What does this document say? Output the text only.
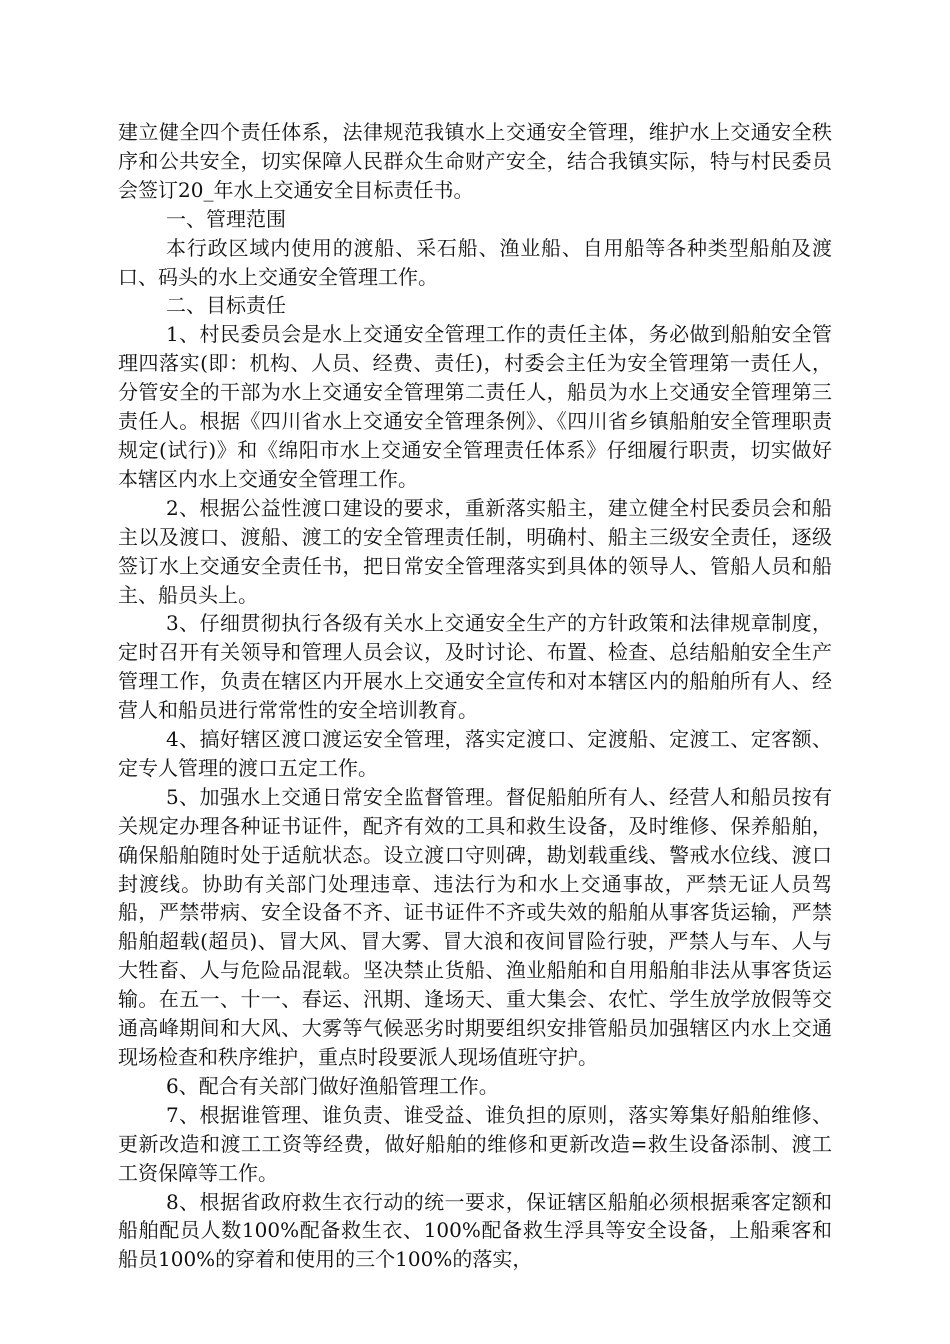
建立健全四个责任体系，法律规范我镇水上交通安全管理，维护水上交通安全秩序和公共安全，切实保障人民群众生命财产安全，结合我镇实际，特与村民委员会签订20_年水上交通安全目标责任书。

一、管理范围

本行政区域内使用的渡船、采石船、渔业船、自用船等各种类型船舶及渡口、码头的水上交通安全管理工作。

二、目标责任

1、村民委员会是水上交通安全管理工作的责任主体，务必做到船舶安全管理四落实(即：机构、人员、经费、责任)，村委会主任为安全管理第一责任人，分管安全的干部为水上交通安全管理第二责任人，船员为水上交通安全管理第三责任人。根据《四川省水上交通安全管理条例》、《四川省乡镇船舶安全管理职责规定(试行)》和《绵阳市水上交通安全管理责任体系》仔细履行职责，切实做好本辖区内水上交通安全管理工作。

2、根据公益性渡口建设的要求，重新落实船主，建立健全村民委员会和船主以及渡口、渡船、渡工的安全管理责任制，明确村、船主三级安全责任，逐级签订水上交通安全责任书，把日常安全管理落实到具体的领导人、管船人员和船主、船员头上。

3、仔细贯彻执行各级有关水上交通安全生产的方针政策和法律规章制度，定时召开有关领导和管理人员会议，及时讨论、布置、检查、总结船舶安全生产管理工作，负责在辖区内开展水上交通安全宣传和对本辖区内的船舶所有人、经营人和船员进行常常性的安全培训教育。

4、搞好辖区渡口渡运安全管理，落实定渡口、定渡船、定渡工、定客额、定专人管理的渡口五定工作。

5、加强水上交通日常安全监督管理。督促船舶所有人、经营人和船员按有关规定办理各种证书证件，配齐有效的工具和救生设备，及时维修、保养船舶，确保船舶随时处于适航状态。设立渡口守则碑，勘划载重线、警戒水位线、渡口封渡线。协助有关部门处理违章、违法行为和水上交通事故，严禁无证人员驾船，严禁带病、安全设备不齐、证书证件不齐或失效的船舶从事客货运输，严禁船舶超载(超员)、冒大风、冒大雾、冒大浪和夜间冒险行驶，严禁人与车、人与大牲畜、人与危险品混载。坚决禁止货船、渔业船舶和自用船舶非法从事客货运输。在五一、十一、春运、汛期、逢场天、重大集会、农忙、学生放学放假等交通高峰期间和大风、大雾等气候恶劣时期要组织安排管船员加强辖区内水上交通现场检查和秩序维护，重点时段要派人现场值班守护。

6、配合有关部门做好渔船管理工作。

7、根据谁管理、谁负责、谁受益、谁负担的原则，落实筹集好船舶维修、更新改造和渡工工资等经费，做好船舶的维修和更新改造=救生设备添制、渡工工资保障等工作。

8、根据省政府救生衣行动的统一要求，保证辖区船舶必须根据乘客定额和船舶配员人数100%配备救生衣、100%配备救生浮具等安全设备，上船乘客和船员100%的穿着和使用的三个100%的落实，
